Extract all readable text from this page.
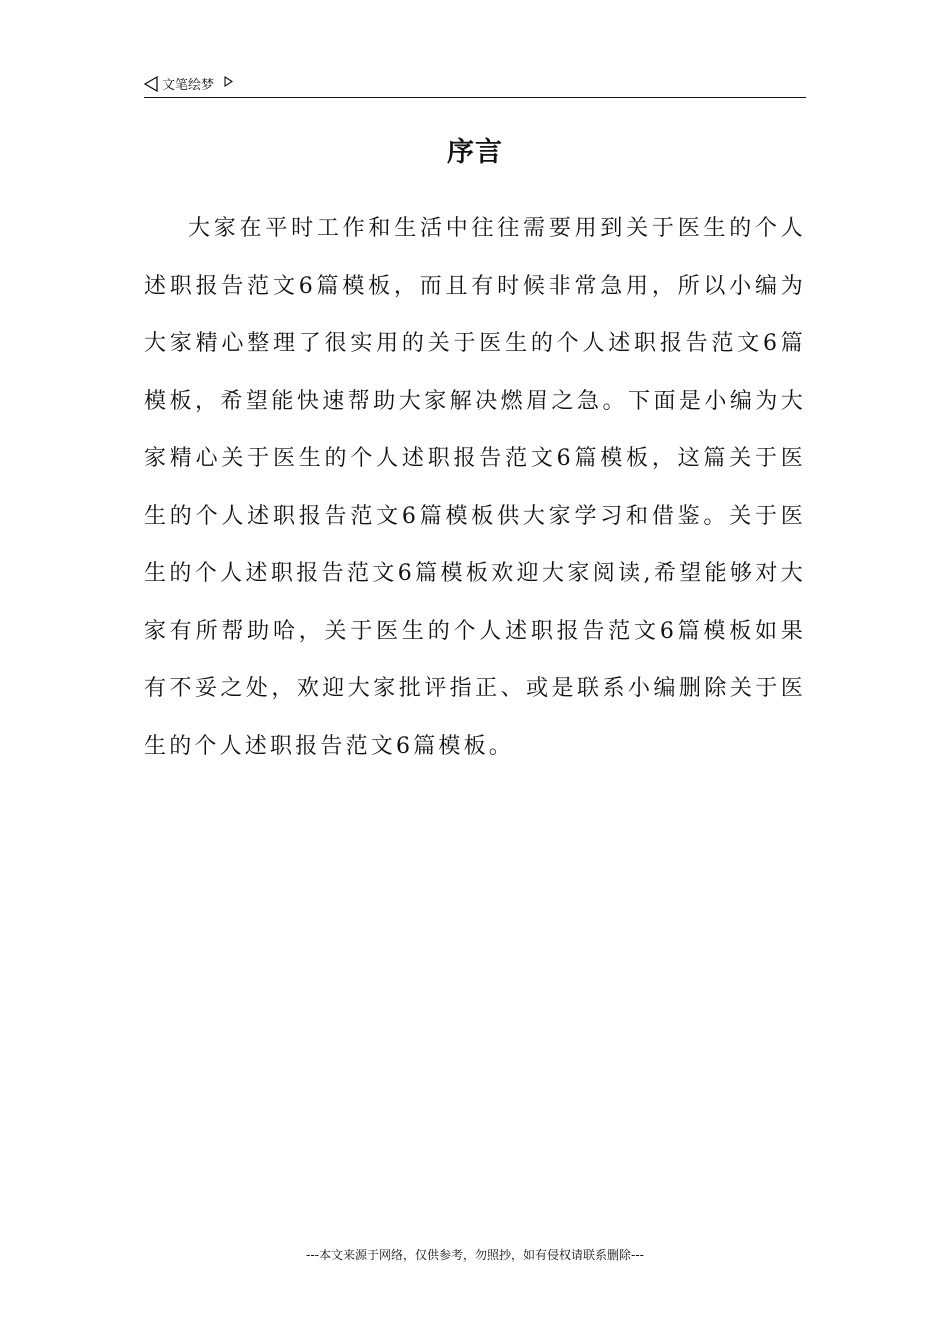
文笔绘梦
序言

大家在平时工作和生活中往往需要用到关于医生的个人述职报告范文6篇模板，而且有时候非常急用，所以小编为大家精心整理了很实用的关于医生的个人述职报告范文6篇模板，希望能快速帮助大家解决燃眉之急。下面是小编为大家精心关于医生的个人述职报告范文6篇模板，这篇关于医生的个人述职报告范文6篇模板供大家学习和借鉴。关于医生的个人述职报告范文6篇模板欢迎大家阅读,希望能够对大家有所帮助哈，关于医生的个人述职报告范文6篇模板如果有不妥之处，欢迎大家批评指正、或是联系小编删除关于医生的个人述职报告范文6篇模板。

---本文来源于网络，仅供参考，勿照抄，如有侵权请联系删除---
